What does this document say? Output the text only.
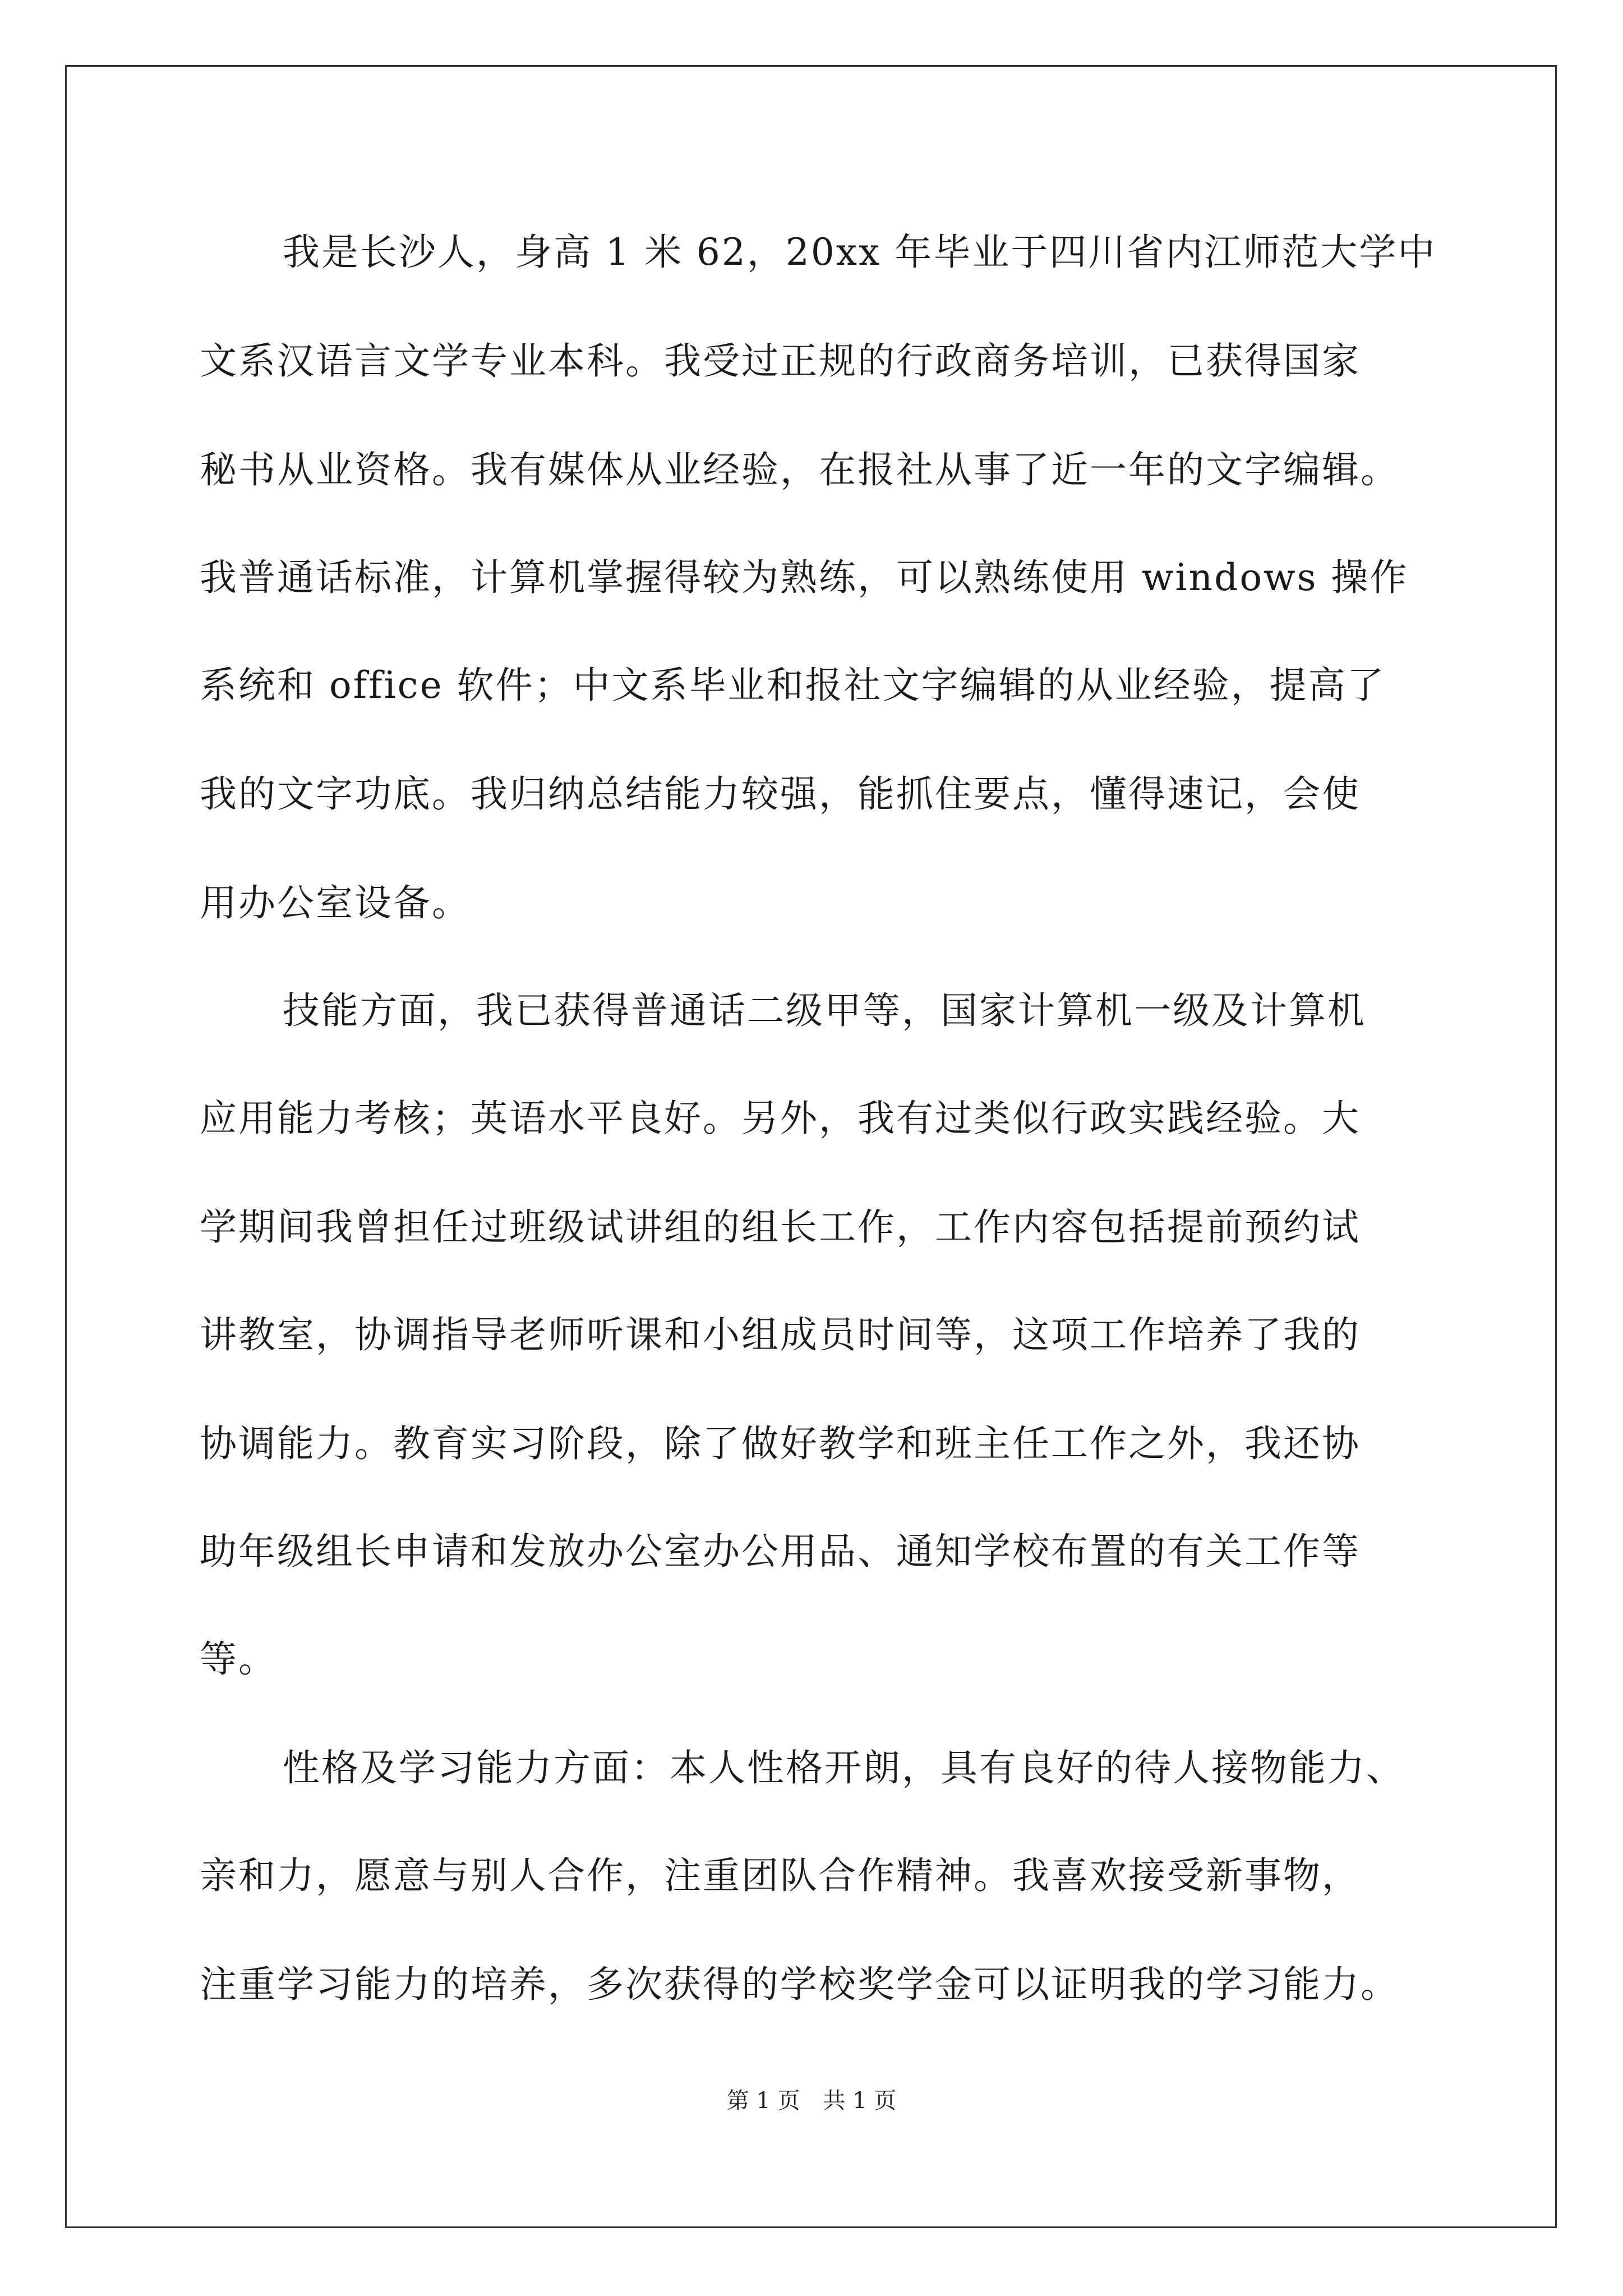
我是长沙人，身高 1 米 62，20xx 年毕业于四川省内江师范大学中
文系汉语言文学专业本科。我受过正规的行政商务培训，已获得国家
秘书从业资格。我有媒体从业经验，在报社从事了近一年的文字编辑。
我普通话标准，计算机掌握得较为熟练，可以熟练使用 windows 操作
系统和 office 软件；中文系毕业和报社文字编辑的从业经验，提高了
我的文字功底。我归纳总结能力较强，能抓住要点，懂得速记，会使
用办公室设备。
技能方面，我已获得普通话二级甲等，国家计算机一级及计算机
应用能力考核；英语水平良好。另外，我有过类似行政实践经验。大
学期间我曾担任过班级试讲组的组长工作，工作内容包括提前预约试
讲教室，协调指导老师听课和小组成员时间等，这项工作培养了我的
协调能力。教育实习阶段，除了做好教学和班主任工作之外，我还协
助年级组长申请和发放办公室办公用品、通知学校布置的有关工作等
等。
性格及学习能力方面：本人性格开朗，具有良好的待人接物能力、
亲和力，愿意与别人合作，注重团队合作精神。我喜欢接受新事物，
注重学习能力的培养，多次获得的学校奖学金可以证明我的学习能力。
第 1 页 共 1 页
